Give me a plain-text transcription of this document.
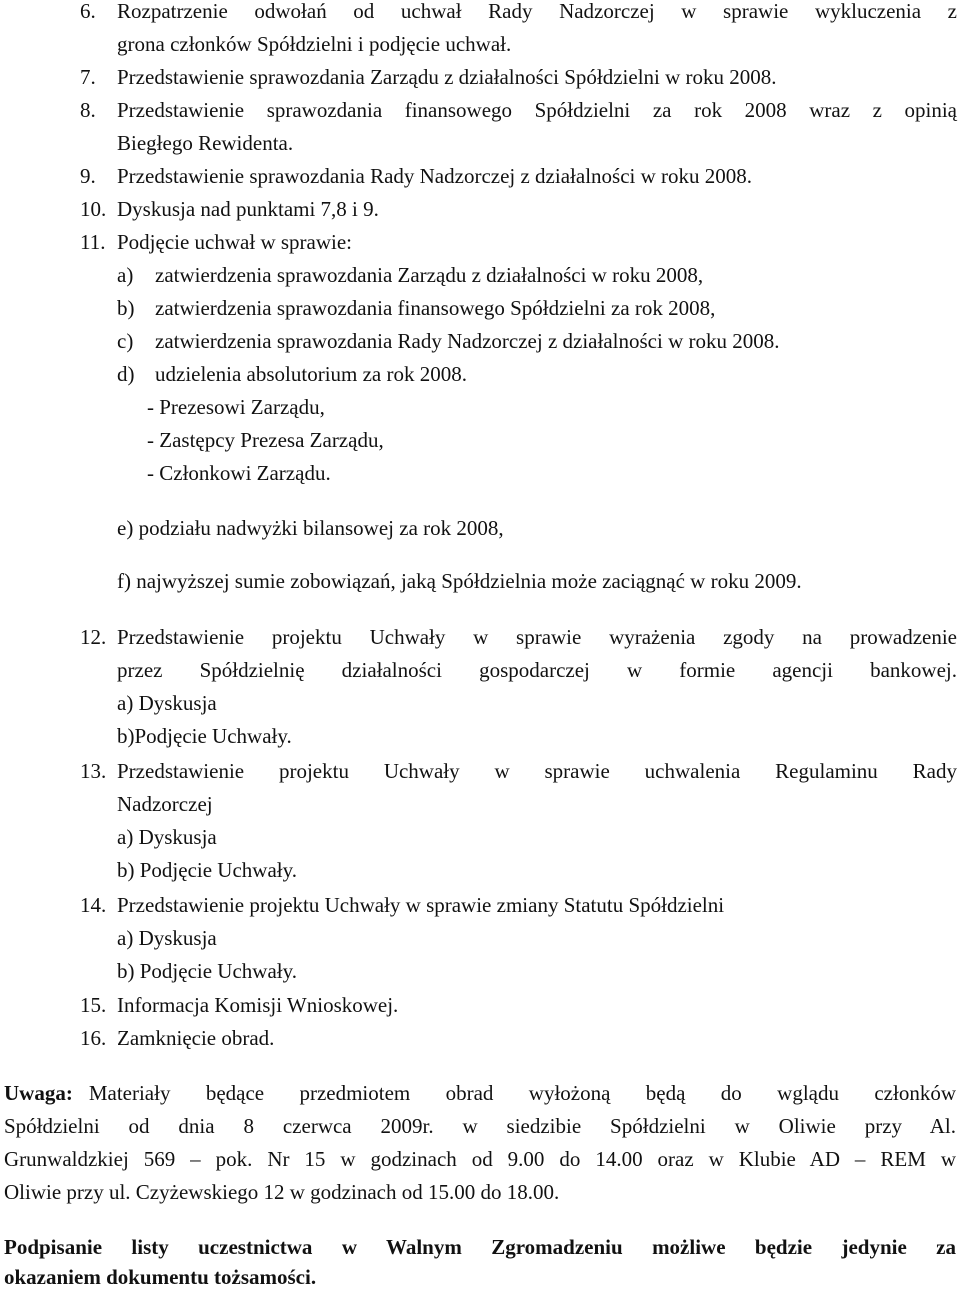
6. Rozpatrzenie odwołań od uchwał Rady Nadzorczej w sprawie wykluczenia z
grona członków Spółdzielni i podjęcie uchwał.
7. Przedstawienie sprawozdania Zarządu z działalności Spółdzielni w roku 2008.
8. Przedstawienie sprawozdania finansowego Spółdzielni za rok 2008 wraz z opinią
Biegłego Rewidenta.
9. Przedstawienie sprawozdania Rady Nadzorczej z działalności w roku 2008.
10. Dyskusja nad punktami 7,8 i 9.
11. Podjęcie uchwał w sprawie:
a) zatwierdzenia sprawozdania Zarządu z działalności w roku 2008,
b) zatwierdzenia sprawozdania finansowego Spółdzielni za rok 2008,
c) zatwierdzenia sprawozdania Rady Nadzorczej z działalności w roku 2008.
d) udzielenia absolutorium za rok 2008.
- Prezesowi Zarządu,
- Zastępcy Prezesa Zarządu,
- Członkowi Zarządu.
e) podziału nadwyżki bilansowej za rok 2008,
f) najwyższej sumie zobowiązań, jaką Spółdzielnia może zaciągnąć w roku 2009.
12. Przedstawienie projektu Uchwały w sprawie wyrażenia zgody na prowadzenie
przez Spółdzielnię działalności gospodarczej w formie agencji bankowej.
a) Dyskusja
b)Podjęcie Uchwały.
13. Przedstawienie projektu Uchwały w sprawie uchwalenia Regulaminu Rady
Nadzorczej
a) Dyskusja
b) Podjęcie Uchwały.
14. Przedstawienie projektu Uchwały w sprawie zmiany Statutu Spółdzielni
a) Dyskusja
b) Podjęcie Uchwały.
15. Informacja Komisji Wnioskowej.
16. Zamknięcie obrad.
Uwaga: Materiały będące przedmiotem obrad wyłożoną będą do wglądu członków
Spółdzielni od dnia 8 czerwca 2009r. w siedzibie Spółdzielni w Oliwie przy Al.
Grunwaldzkiej 569 – pok. Nr 15 w godzinach od 9.00 do 14.00 oraz w Klubie AD – REM w
Oliwie przy ul. Czyżewskiego 12 w godzinach od 15.00 do 18.00.
Podpisanie listy uczestnictwa w Walnym Zgromadzeniu możliwe będzie jedynie za
okazaniem dokumentu tożsamości.
